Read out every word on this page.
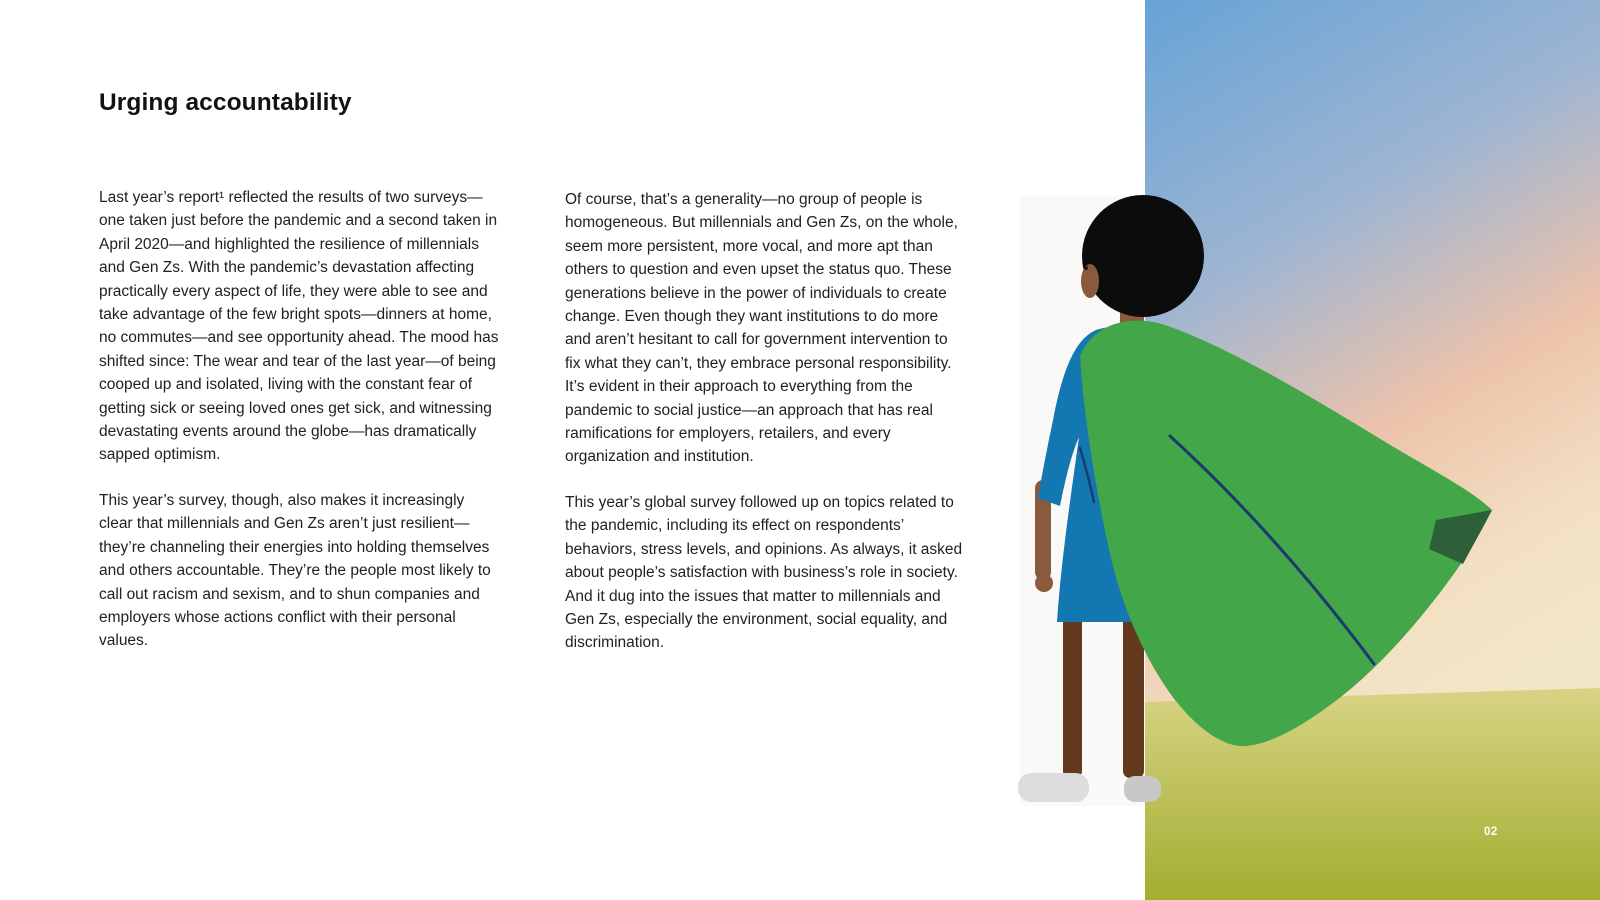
Urging accountability

Last year’s report¹ reflected the results of two surveys—one taken just before the pandemic and a second taken in April 2020—and highlighted the resilience of millennials and Gen Zs. With the pandemic’s devastation affecting practically every aspect of life, they were able to see and take advantage of the few bright spots—dinners at home, no commutes—and see opportunity ahead. The mood has shifted since: The wear and tear of the last year—of being cooped up and isolated, living with the constant fear of getting sick or seeing loved ones get sick, and witnessing devastating events around the globe—has dramatically sapped optimism.

This year’s survey, though, also makes it increasingly clear that millennials and Gen Zs aren’t just resilient—they’re channeling their energies into holding themselves and others accountable. They’re the people most likely to call out racism and sexism, and to shun companies and employers whose actions conflict with their personal values.

Of course, that’s a generality—no group of people is homogeneous. But millennials and Gen Zs, on the whole, seem more persistent, more vocal, and more apt than others to question and even upset the status quo. These generations believe in the power of individuals to create change. Even though they want institutions to do more and aren’t hesitant to call for government intervention to fix what they can’t, they embrace personal responsibility. It’s evident in their approach to everything from the pandemic to social justice—an approach that has real ramifications for employers, retailers, and every organization and institution.

This year’s global survey followed up on topics related to the pandemic, including its effect on respondents’ behaviors, stress levels, and opinions. As always, it asked about people’s satisfaction with business’s role in society. And it dug into the issues that matter to millennials and Gen Zs, especially the environment, social equality, and discrimination.

02
